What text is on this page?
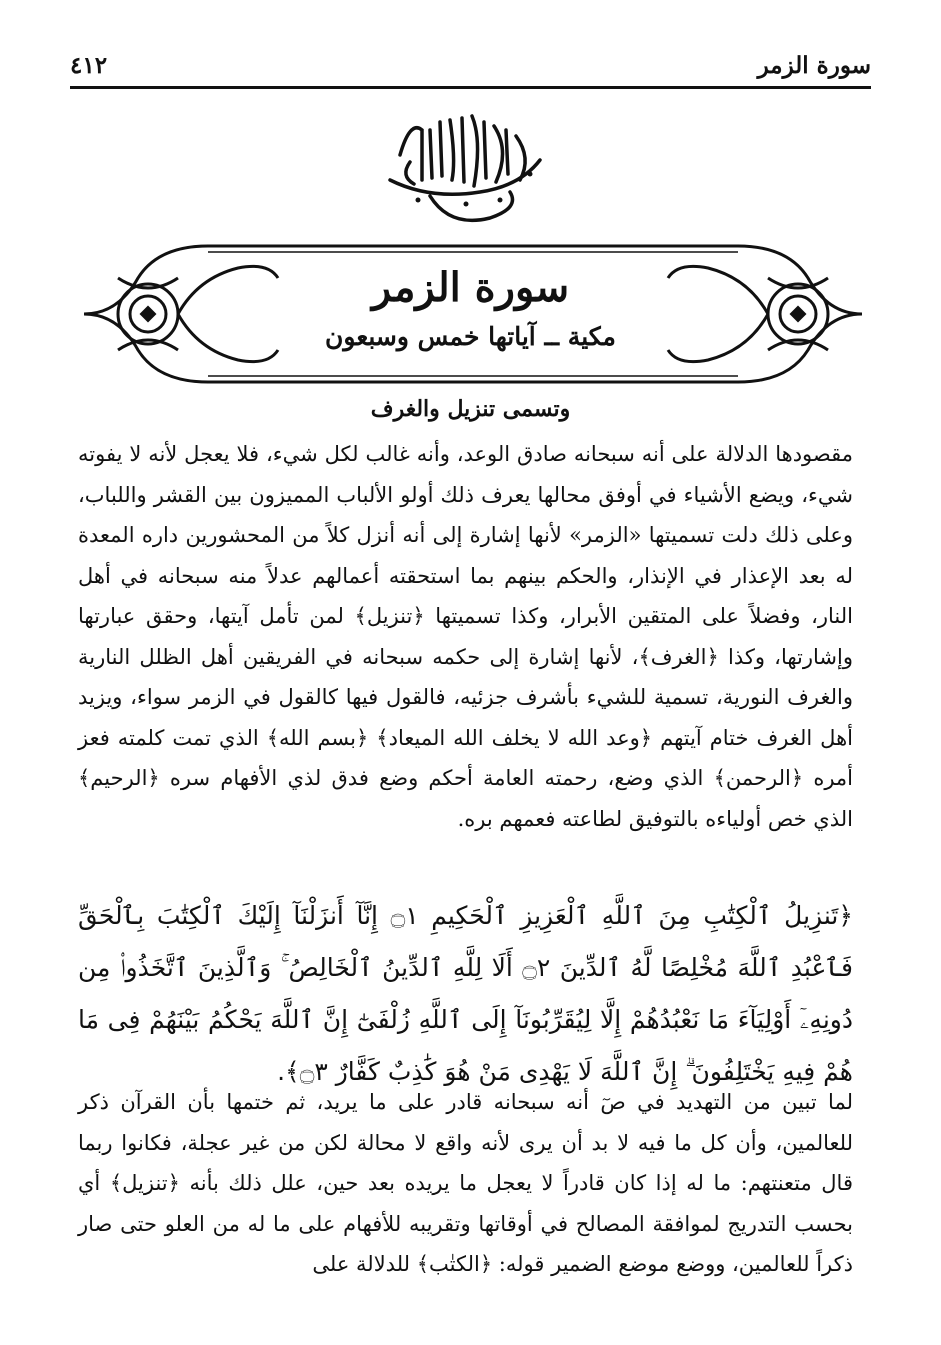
سورة الزمر
٤١٢
سورة الزمر
مكية ــ آياتها خمس وسبعون
وتسمى تنزيل والغرف

مقصودها الدلالة على أنه سبحانه صادق الوعد، وأنه غالب لكل شيء، فلا يعجل لأنه لا يفوته شيء، ويضع الأشياء في أوفق محالها يعرف ذلك أولو الألباب المميزون بين القشر واللباب، وعلى ذلك دلت تسميتها «الزمر» لأنها إشارة إلى أنه أنزل كلاً من المحشورين داره المعدة له بعد الإعذار في الإنذار، والحكم بينهم بما استحقته أعمالهم عدلاً منه سبحانه في أهل النار، وفضلاً على المتقين الأبرار، وكذا تسميتها ﴿تنزيل﴾ لمن تأمل آيتها، وحقق عبارتها وإشارتها، وكذا ﴿الغرف﴾، لأنها إشارة إلى حكمه سبحانه في الفريقين أهل الظلل النارية والغرف النورية، تسمية للشيء بأشرف جزئيه، فالقول فيها كالقول في الزمر سواء، ويزيد أهل الغرف ختام آيتهم ﴿وعد الله لا يخلف الله الميعاد﴾ ﴿بسم الله﴾ الذي تمت كلمته فعز أمره ﴿الرحمن﴾ الذي وضع، رحمته العامة أحكم وضع فدق لذي الأفهام سره ﴿الرحيم﴾ الذي خص أولياءه بالتوفيق لطاعته فعمهم بره.

﴿تَنزِيلُ ٱلْكِتَٰبِ مِنَ ٱللَّهِ ٱلْعَزِيزِ ٱلْحَكِيمِ ۝١ إِنَّآ أَنزَلْنَآ إِلَيْكَ ٱلْكِتَٰبَ بِٱلْحَقِّ فَٱعْبُدِ ٱللَّهَ مُخْلِصًا لَّهُ ٱلدِّينَ ۝٢ أَلَا لِلَّهِ ٱلدِّينُ ٱلْخَالِصُ ۚ وَٱلَّذِينَ ٱتَّخَذُوا۟ مِن دُونِهِۦٓ أَوْلِيَآءَ مَا نَعْبُدُهُمْ إِلَّا لِيُقَرِّبُونَآ إِلَى ٱللَّهِ زُلْفَىٰٓ إِنَّ ٱللَّهَ يَحْكُمُ بَيْنَهُمْ فِى مَا هُمْ فِيهِ يَخْتَلِفُونَ ۗ إِنَّ ٱللَّهَ لَا يَهْدِى مَنْ هُوَ كَٰذِبٌ كَفَّارٌ ۝٣﴾.

لما تبين من التهديد في صٓ أنه سبحانه قادر على ما يريد، ثم ختمها بأن القرآن ذكر للعالمين، وأن كل ما فيه لا بد أن يرى لأنه واقع لا محالة لكن من غير عجلة، فكانوا ربما قال متعنتهم: ما له إذا كان قادراً لا يعجل ما يريده بعد حين، علل ذلك بأنه ﴿تنزيل﴾ أي بحسب التدريج لموافقة المصالح في أوقاتها وتقريبه للأفهام على ما له من العلو حتى صار ذكراً للعالمين، ووضع موضع الضمير قوله: ﴿الكتٰب﴾ للدلالة على
